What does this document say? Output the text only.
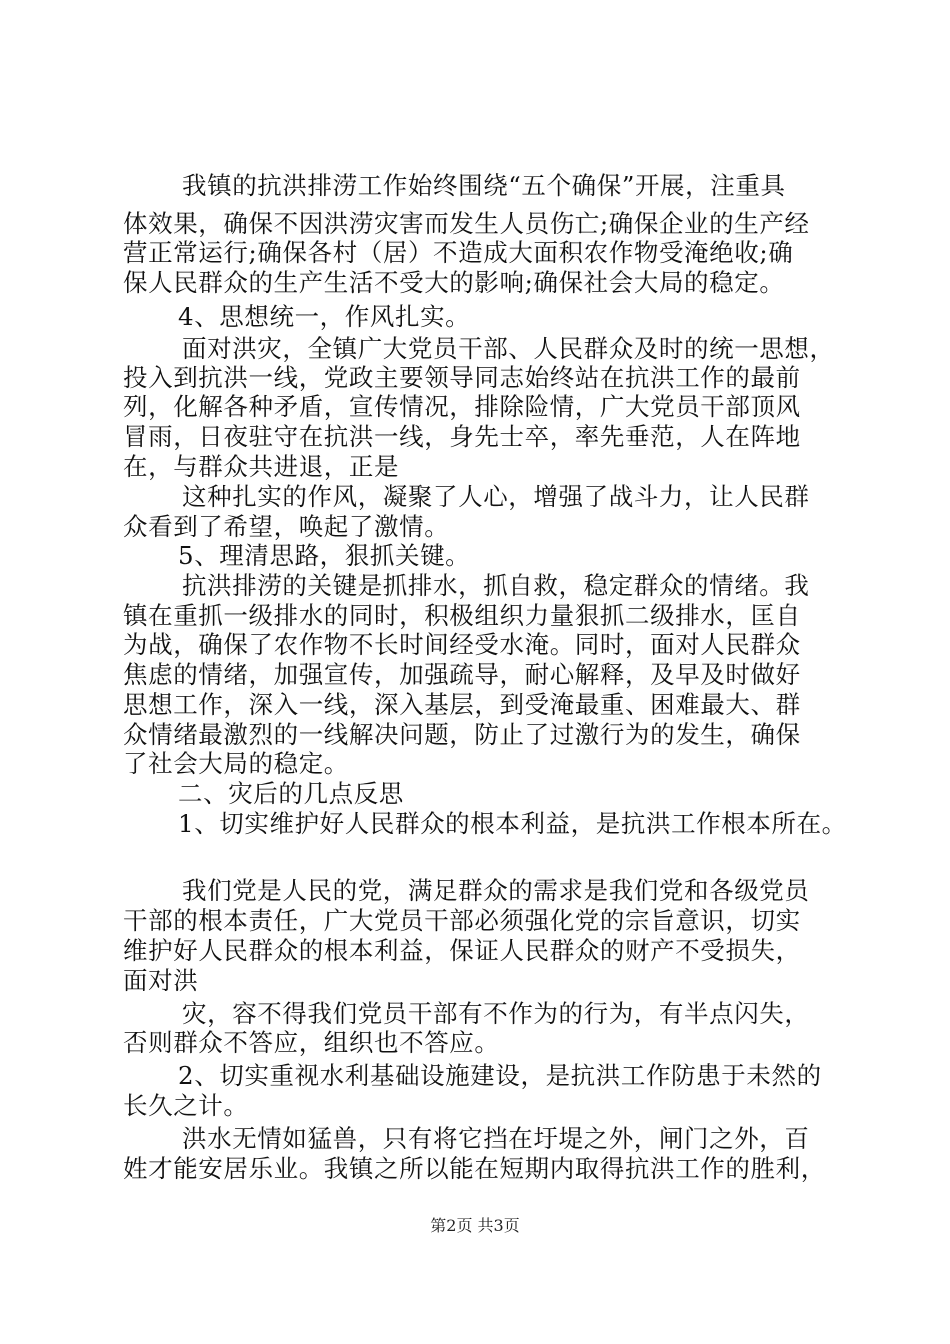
我镇的抗洪排涝工作始终围绕“五个确保”开展，注重具
体效果，确保不因洪涝灾害而发生人员伤亡;确保企业的生产经
营正常运行;确保各村（居）不造成大面积农作物受淹绝收;确
保人民群众的生产生活不受大的影响;确保社会大局的稳定。
4、思想统一，作风扎实。
面对洪灾，全镇广大党员干部、人民群众及时的统一思想，
投入到抗洪一线，党政主要领导同志始终站在抗洪工作的最前
列，化解各种矛盾，宣传情况，排除险情，广大党员干部顶风
冒雨，日夜驻守在抗洪一线，身先士卒，率先垂范，人在阵地
在，与群众共进退，正是
这种扎实的作风，凝聚了人心，增强了战斗力，让人民群
众看到了希望，唤起了激情。
5、理清思路，狠抓关键。
抗洪排涝的关键是抓排水，抓自救，稳定群众的情绪。我
镇在重抓一级排水的同时，积极组织力量狠抓二级排水，匡自
为战，确保了农作物不长时间经受水淹。同时，面对人民群众
焦虑的情绪，加强宣传，加强疏导，耐心解释，及早及时做好
思想工作，深入一线，深入基层，到受淹最重、困难最大、群
众情绪最激烈的一线解决问题，防止了过激行为的发生，确保
了社会大局的稳定。
二、灾后的几点反思
1、切实维护好人民群众的根本利益，是抗洪工作根本所在。
我们党是人民的党，满足群众的需求是我们党和各级党员
干部的根本责任，广大党员干部必须强化党的宗旨意识，切实
维护好人民群众的根本利益，保证人民群众的财产不受损失，
面对洪
灾，容不得我们党员干部有不作为的行为，有半点闪失，
否则群众不答应，组织也不答应。
2、切实重视水利基础设施建设，是抗洪工作防患于未然的
长久之计。
洪水无情如猛兽，只有将它挡在圩堤之外，闸门之外，百
姓才能安居乐业。我镇之所以能在短期内取得抗洪工作的胜利，
第2页 共3页
